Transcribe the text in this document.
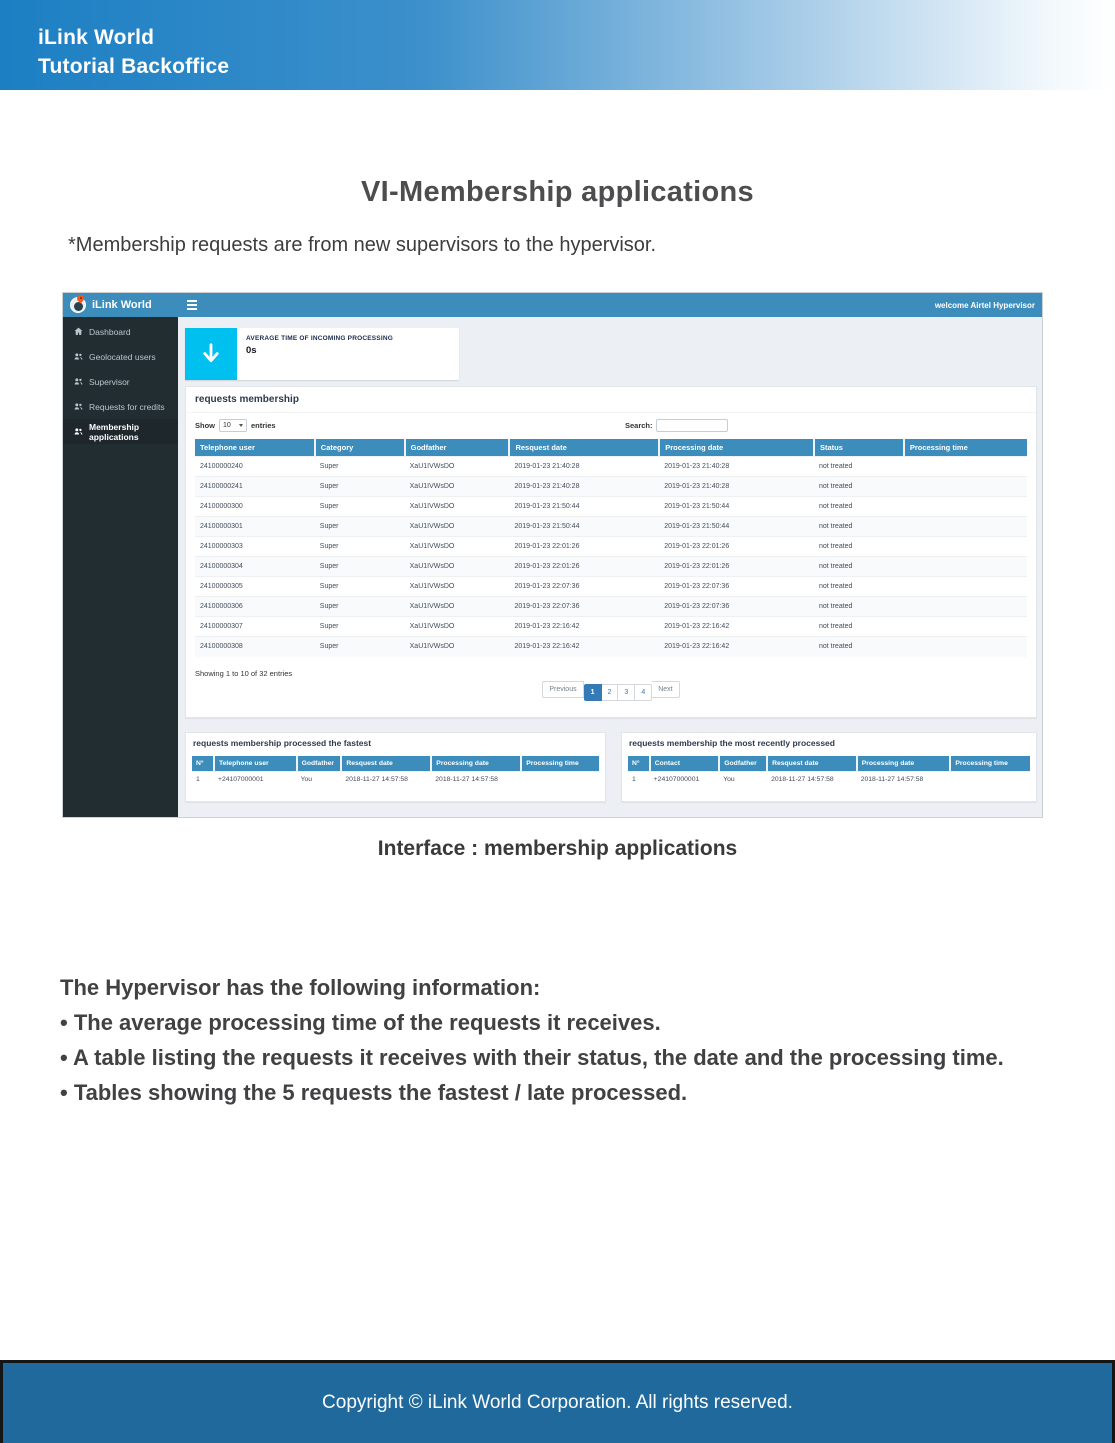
iLink World
Tutorial Backoffice
VI-Membership applications
*Membership requests are from new supervisors to the hypervisor.
iLink World	welcome Airtel Hypervisor
Dashboard
Geolocated users
Supervisor
Requests for credits
Membership applications
AVERAGE TIME OF INCOMING PROCESSING
0s
requests membership
Show 10	entries	Search:
Telephone user	Category	Godfather	Resquest date	Processing date	Status	Processing time
24100000240	Super	XaU1IVWsDO	2019-01-23 21:40:28	2019-01-23 21:40:28	not treated	
24100000241	Super	XaU1IVWsDO	2019-01-23 21:40:28	2019-01-23 21:40:28	not treated	
24100000300	Super	XaU1IVWsDO	2019-01-23 21:50:44	2019-01-23 21:50:44	not treated	
24100000301	Super	XaU1IVWsDO	2019-01-23 21:50:44	2019-01-23 21:50:44	not treated	
24100000303	Super	XaU1IVWsDO	2019-01-23 22:01:26	2019-01-23 22:01:26	not treated	
24100000304	Super	XaU1IVWsDO	2019-01-23 22:01:26	2019-01-23 22:01:26	not treated	
24100000305	Super	XaU1IVWsDO	2019-01-23 22:07:36	2019-01-23 22:07:36	not treated	
24100000306	Super	XaU1IVWsDO	2019-01-23 22:07:36	2019-01-23 22:07:36	not treated	
24100000307	Super	XaU1IVWsDO	2019-01-23 22:16:42	2019-01-23 22:16:42	not treated	
24100000308	Super	XaU1IVWsDO	2019-01-23 22:16:42	2019-01-23 22:16:42	not treated	
Showing 1 to 10 of 32 entries
Previous	1 2 3 4	Next
requests membership processed the fastest
N°	Telephone user	Godfather	Resquest date	Processing date	Processing time
1	+24107000001	You	2018-11-27 14:57:58	2018-11-27 14:57:58	
requests membership the most recently processed
N°	Contact	Godfather	Resquest date	Processing date	Processing time
1	+24107000001	You	2018-11-27 14:57:58	2018-11-27 14:57:58	
Interface : membership applications
The Hypervisor has the following information:
• The average processing time of the requests it receives.
• A table listing the requests it receives with their status, the date and the processing time.
• Tables showing the 5 requests the fastest / late processed.
Copyright © iLink World Corporation. All rights reserved.
